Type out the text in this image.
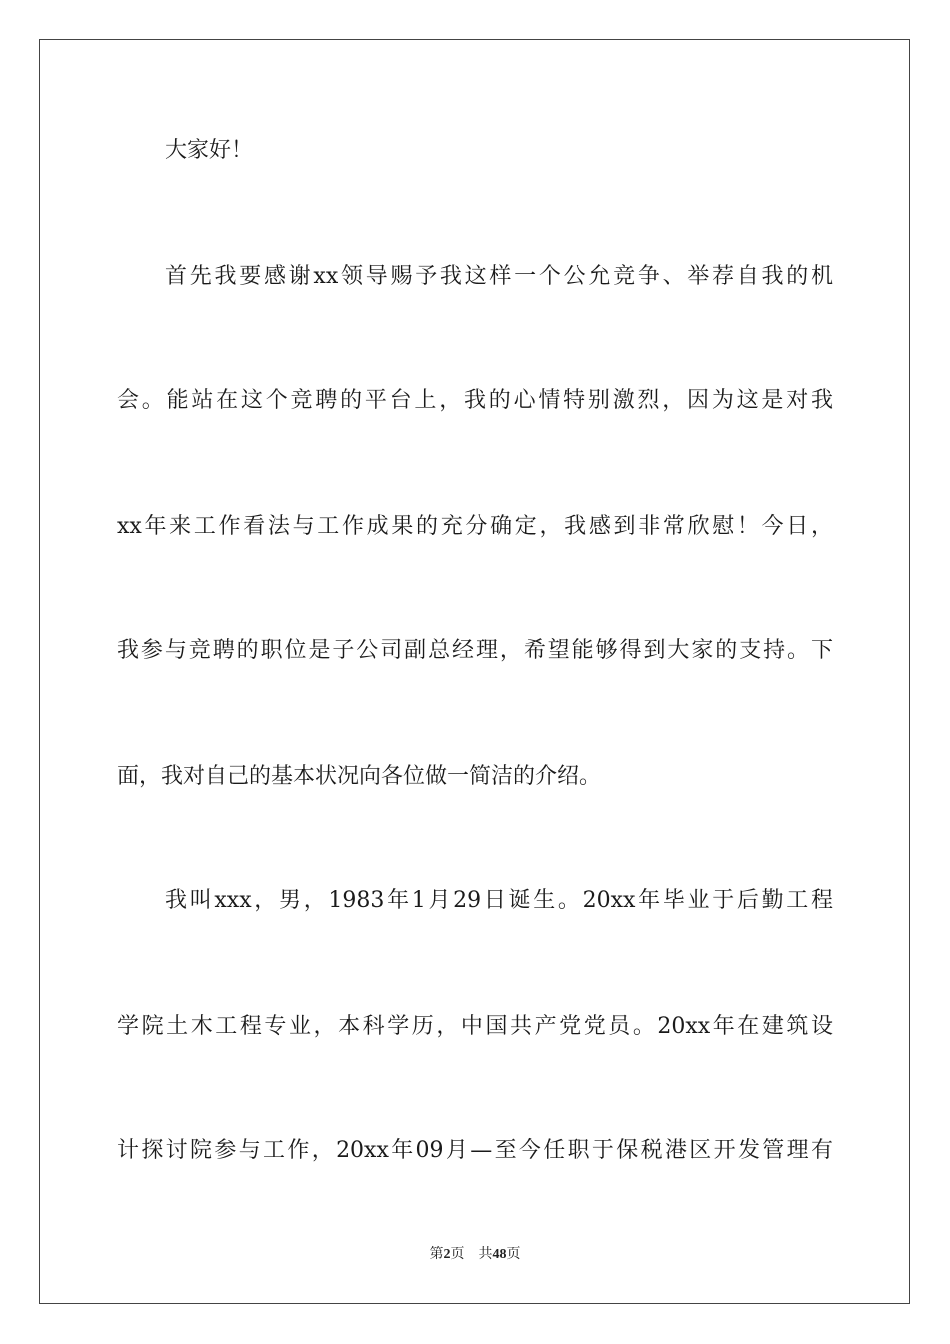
大家好！
首先我要感谢xx领导赐予我这样一个公允竞争、举荐自我的机
会。能站在这个竞聘的平台上，我的心情特别激烈，因为这是对我
xx年来工作看法与工作成果的充分确定，我感到非常欣慰！今日，
我参与竞聘的职位是子公司副总经理，希望能够得到大家的支持。下
面，我对自己的基本状况向各位做一简洁的介绍。
我叫xxx，男，1983年1月29日诞生。20xx年毕业于后勤工程
学院土木工程专业，本科学历，中国共产党党员。20xx年在建筑设
计探讨院参与工作，20xx年09月—至今任职于保税港区开发管理有
第2页 共48页
